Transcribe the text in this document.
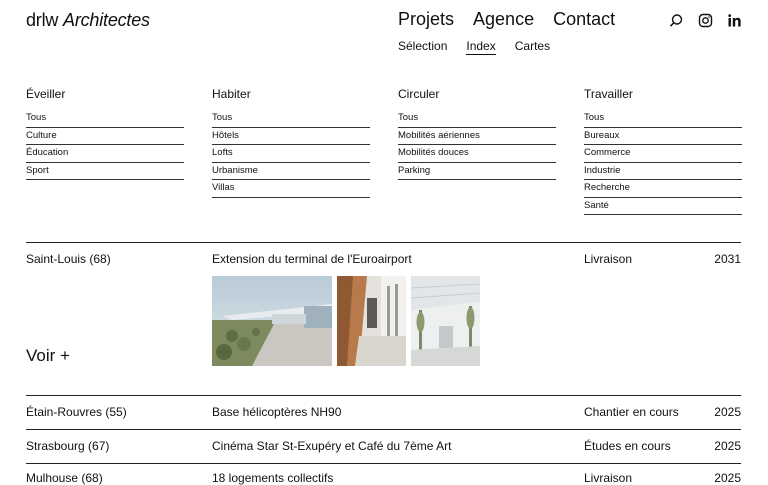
drlw Architectes	Projets Agence Contact
Sélection Index Cartes
Éveiller
Tous
Culture
Éducation
Sport
Habiter
Tous
Hôtels
Lofts
Urbanisme
Villas
Circuler
Tous
Mobilités aériennes
Mobilités douces
Parking
Travailler
Tous
Bureaux
Commerce
Industrie
Recherche
Santé
Saint-Louis (68)	Extension du terminal de l'Euroairport	Livraison	2031
Voir +
Étain-Rouvres (55)	Base hélicoptères NH90	Chantier en cours	2025
Strasbourg (67)	Cinéma Star St-Exupéry et Café du 7ème Art	Études en cours	2025
Mulhouse (68)	18 logements collectifs	Livraison	2025
